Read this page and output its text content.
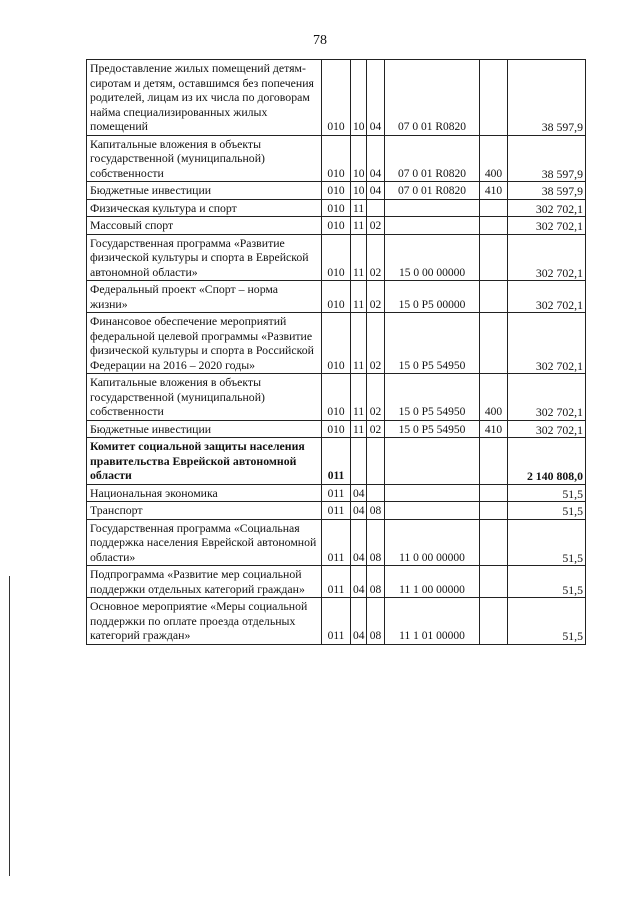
78
Предоставление жилых помещений детям-сиротам и детям, оставшимся без попечения родителей, лицам из их числа по договорам найма специализированных жилых помещений	010	10	04	07 0 01 R0820		38 597,9
Капитальные вложения в объекты государственной (муниципальной) собственности	010	10	04	07 0 01 R0820	400	38 597,9
Бюджетные инвестиции	010	10	04	07 0 01 R0820	410	38 597,9
Физическая культура и спорт	010	11				302 702,1
Массовый спорт	010	11	02			302 702,1
Государственная программа «Развитие физической культуры и спорта в Еврейской автономной области»	010	11	02	15 0 00 00000		302 702,1
Федеральный проект «Спорт – норма жизни»	010	11	02	15 0 P5 00000		302 702,1
Финансовое обеспечение мероприятий федеральной целевой программы «Развитие физической культуры и спорта в Российской Федерации на 2016 – 2020 годы»	010	11	02	15 0 P5 54950		302 702,1
Капитальные вложения в объекты государственной (муниципальной) собственности	010	11	02	15 0 P5 54950	400	302 702,1
Бюджетные инвестиции	010	11	02	15 0 P5 54950	410	302 702,1
Комитет социальной защиты населения правительства Еврейской автономной области	011					2 140 808,0
Национальная экономика	011	04				51,5
Транспорт	011	04	08			51,5
Государственная программа «Социальная поддержка населения Еврейской автономной области»	011	04	08	11 0 00 00000		51,5
Подпрограмма «Развитие мер социальной поддержки отдельных категорий граждан»	011	04	08	11 1 00 00000		51,5
Основное мероприятие «Меры социальной поддержки по оплате проезда отдельных категорий граждан»	011	04	08	11 1 01 00000		51,5
